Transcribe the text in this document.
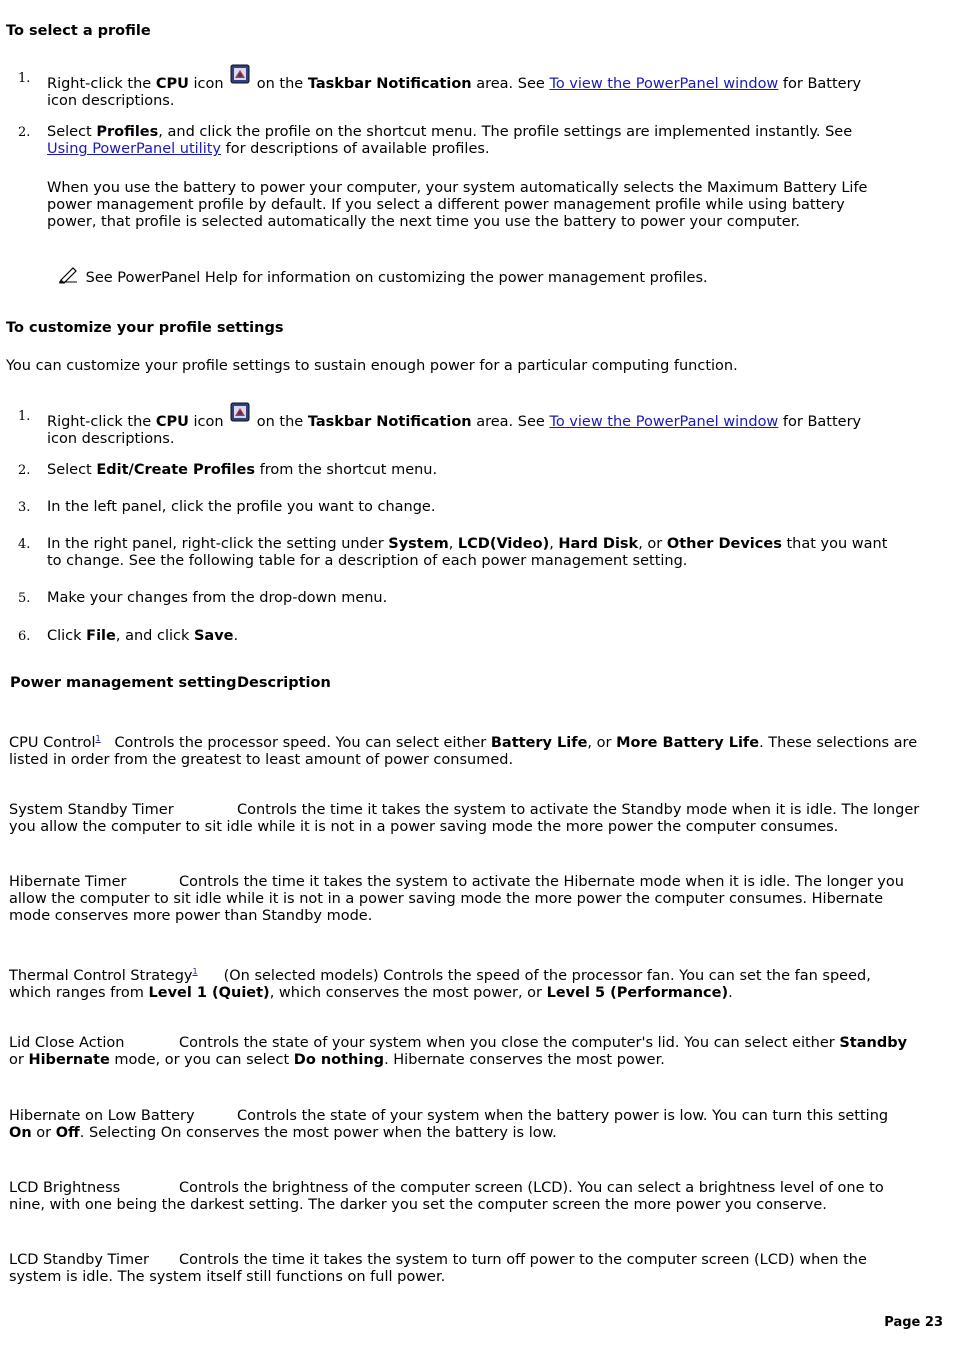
To select a profile
1. Right-click the CPU icon  on the Taskbar Notification area. See To view the PowerPanel window for Battery
icon descriptions.
2. Select Profiles, and click the profile on the shortcut menu. The profile settings are implemented instantly. See
Using PowerPanel utility for descriptions of available profiles.
When you use the battery to power your computer, your system automatically selects the Maximum Battery Life
power management profile by default. If you select a different power management profile while using battery
power, that profile is selected automatically the next time you use the battery to power your computer.
See PowerPanel Help for information on customizing the power management profiles.
To customize your profile settings
You can customize your profile settings to sustain enough power for a particular computing function.
1. Right-click the CPU icon  on the Taskbar Notification area. See To view the PowerPanel window for Battery
icon descriptions.
2. Select Edit/Create Profiles from the shortcut menu.
3. In the left panel, click the profile you want to change.
4. In the right panel, right-click the setting under System, LCD(Video), Hard Disk, or Other Devices that you want
to change. See the following table for a description of each power management setting.
5. Make your changes from the drop-down menu.
6. Click File, and click Save.
Power management setting Description
CPU Control$^1$ Controls the processor speed. You can select either Battery Life, or More Battery Life. These selections are
listed in order from the greatest to least amount of power consumed.
System Standby Timer	Controls the time it takes the system to activate the Standby mode when it is idle. The longer
you allow the computer to sit idle while it is not in a power saving mode the more power the computer consumes.
Hibernate Timer	Controls the time it takes the system to activate the Hibernate mode when it is idle. The longer you
allow the computer to sit idle while it is not in a power saving mode the more power the computer consumes. Hibernate
mode conserves more power than Standby mode.
Thermal Control Strategy$^1$ (On selected models) Controls the speed of the processor fan. You can set the fan speed,
which ranges from Level 1 (Quiet), which conserves the most power, or Level 5 (Performance).
Lid Close Action	Controls the state of your system when you close the computer's lid. You can select either Standby
or Hibernate mode, or you can select Do nothing. Hibernate conserves the most power.
Hibernate on Low Battery	Controls the state of your system when the battery power is low. You can turn this setting
On or Off. Selecting On conserves the most power when the battery is low.
LCD Brightness	Controls the brightness of the computer screen (LCD). You can select a brightness level of one to
nine, with one being the darkest setting. The darker you set the computer screen the more power you conserve.
LCD Standby Timer Controls the time it takes the system to turn off power to the computer screen (LCD) when the
system is idle. The system itself still functions on full power.
Page 23
